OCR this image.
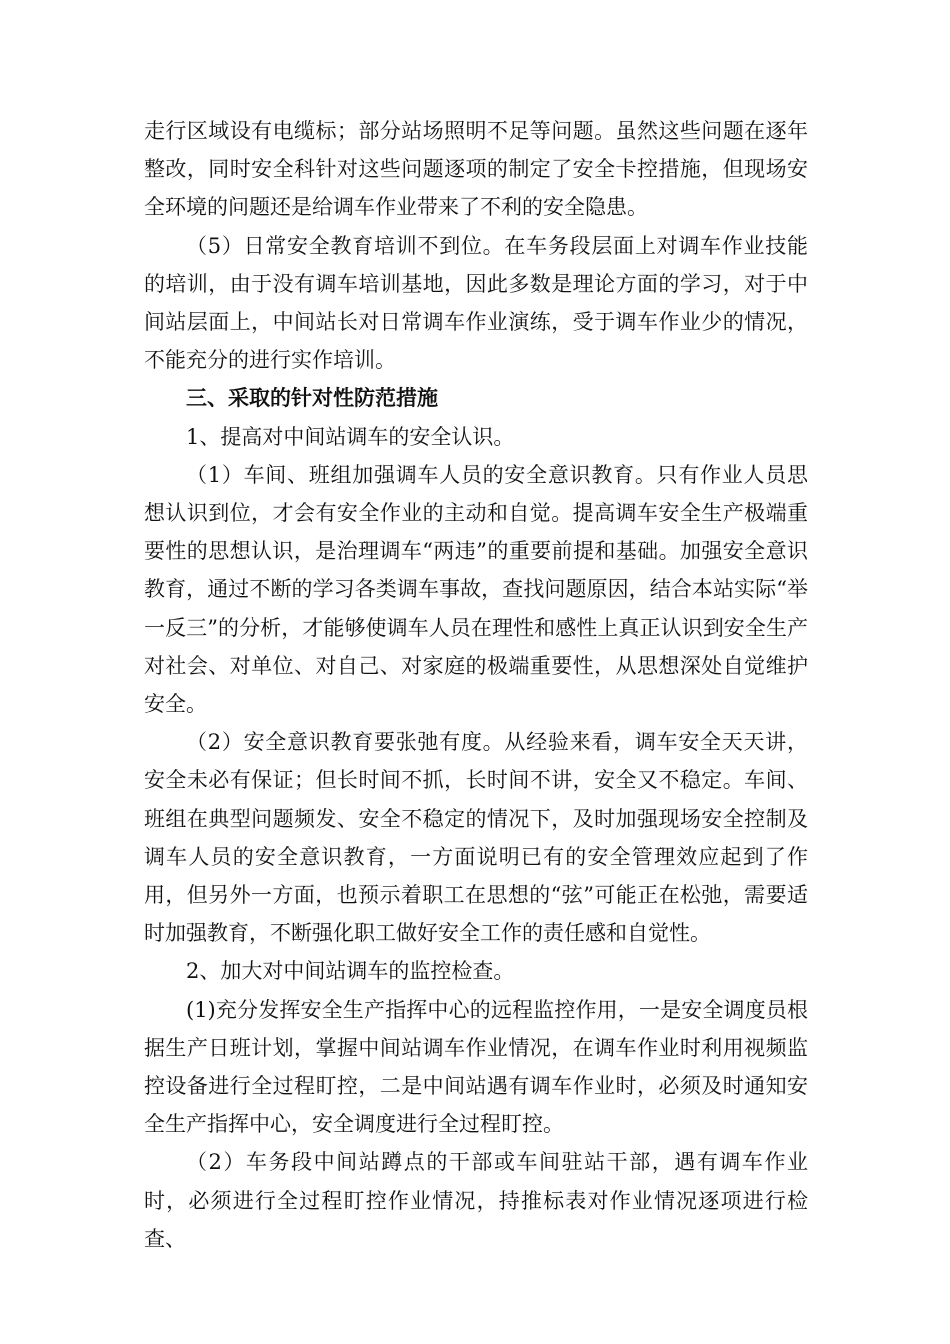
走行区域设有电缆标；部分站场照明不足等问题。虽然这些问题在逐年整改，同时安全科针对这些问题逐项的制定了安全卡控措施，但现场安全环境的问题还是给调车作业带来了不利的安全隐患。

（5）日常安全教育培训不到位。在车务段层面上对调车作业技能的培训，由于没有调车培训基地，因此多数是理论方面的学习，对于中间站层面上，中间站长对日常调车作业演练，受于调车作业少的情况，不能充分的进行实作培训。

三、采取的针对性防范措施

1、提高对中间站调车的安全认识。

（1）车间、班组加强调车人员的安全意识教育。只有作业人员思想认识到位，才会有安全作业的主动和自觉。提高调车安全生产极端重要性的思想认识，是治理调车“两违”的重要前提和基础。加强安全意识教育，通过不断的学习各类调车事故，查找问题原因，结合本站实际“举一反三”的分析，才能够使调车人员在理性和感性上真正认识到安全生产对社会、对单位、对自己、对家庭的极端重要性，从思想深处自觉维护安全。

（2）安全意识教育要张弛有度。从经验来看，调车安全天天讲，安全未必有保证；但长时间不抓，长时间不讲，安全又不稳定。车间、班组在典型问题频发、安全不稳定的情况下，及时加强现场安全控制及调车人员的安全意识教育，一方面说明已有的安全管理效应起到了作用，但另外一方面，也预示着职工在思想的“弦”可能正在松弛，需要适时加强教育，不断强化职工做好安全工作的责任感和自觉性。

2、加大对中间站调车的监控检查。

(1)充分发挥安全生产指挥中心的远程监控作用，一是安全调度员根据生产日班计划，掌握中间站调车作业情况，在调车作业时利用视频监控设备进行全过程盯控，二是中间站遇有调车作业时，必须及时通知安全生产指挥中心，安全调度进行全过程盯控。

（2）车务段中间站蹲点的干部或车间驻站干部，遇有调车作业时，必须进行全过程盯控作业情况，持推标表对作业情况逐项进行检查、
